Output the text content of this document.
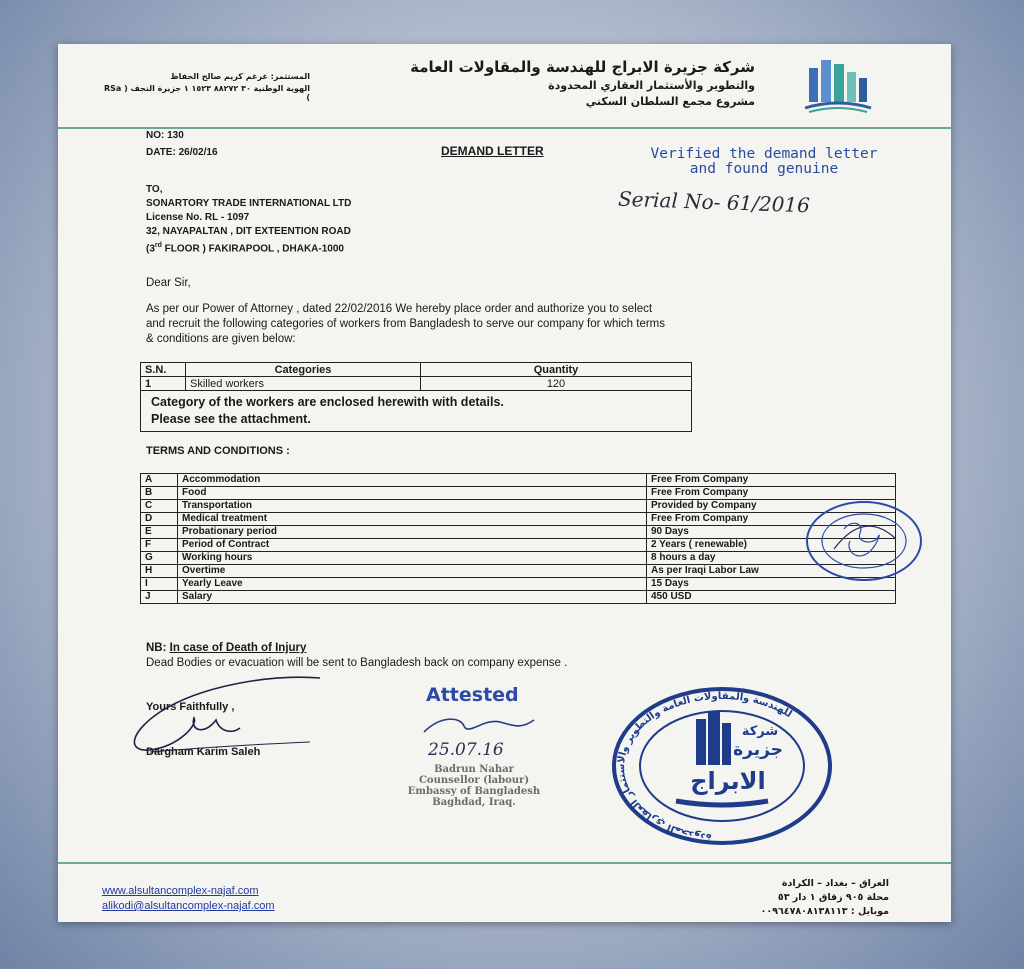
شركة جزيرة الابراج للهندسة والمقاولات العامة
والتطوير والأستثمار العقاري المحدودة
مشروع مجمع السلطان السكني
المستثمر: غرغم كريم صالح الحفاظ
الهوية الوطنية ٣٠ ٨٨٢٧٢ ١٥٢٣ ١ جزيرة النجف ( RSa )
NO: 130
DATE: 26/02/16	DEMAND LETTER	Verified the demand letter
and found genuine
Serial No- 61/2016
TO,
SONARTORY TRADE INTERNATIONAL LTD
License No. RL - 1097
32, NAYAPALTAN , DIT EXTEENTION ROAD
(3rd FLOOR ) FAKIRAPOOL , DHAKA-1000
Dear Sir,
As per our Power of Attorney , dated 22/02/2016 We hereby place order and authorize you to select
and recruit the following categories of workers from Bangladesh to serve our company for which terms
& conditions are given below:
S.N.	Categories	Quantity
1	Skilled workers	120

Category of the workers are enclosed herewith with details.
Please see the attachment.		
TERMS AND CONDITIONS :
A	Accommodation	Free From Company
B	Food	Free From Company
C	Transportation	Provided by Company
D	Medical treatment	Free From Company
E	Probationary period	90 Days
F	Period of Contract	2 Years ( renewable)
G	Working hours	8 hours a day
H	Overtime	As per Iraqi Labor Law
I	Yearly Leave	15 Days
J	Salary	450 USD
NB: In case of Death of Injury
Dead Bodies or evacuation will be sent to Bangladesh back on company expense .
Yours Faithfully ,
Dargham Karim Saleh
Attested
25.07.16
Badrun Nahar
Counsellor (labour)
Embassy of Bangladesh
Baghdad, Iraq.
للهندسة والمقاولات العامة والتطوير والاستثمار العقاري المحدودة
شركة
جزيرة
الابراج
www.alsultancomplex-najaf.com
alikodi@alsultancomplex-najaf.com
العراق – بغداد – الكرادة
محلة ٩٠٥ زقاق ١ دار ٥٣
موبايل : ٠٠٩٦٤٧٨٠٨١٣٨١١٣
